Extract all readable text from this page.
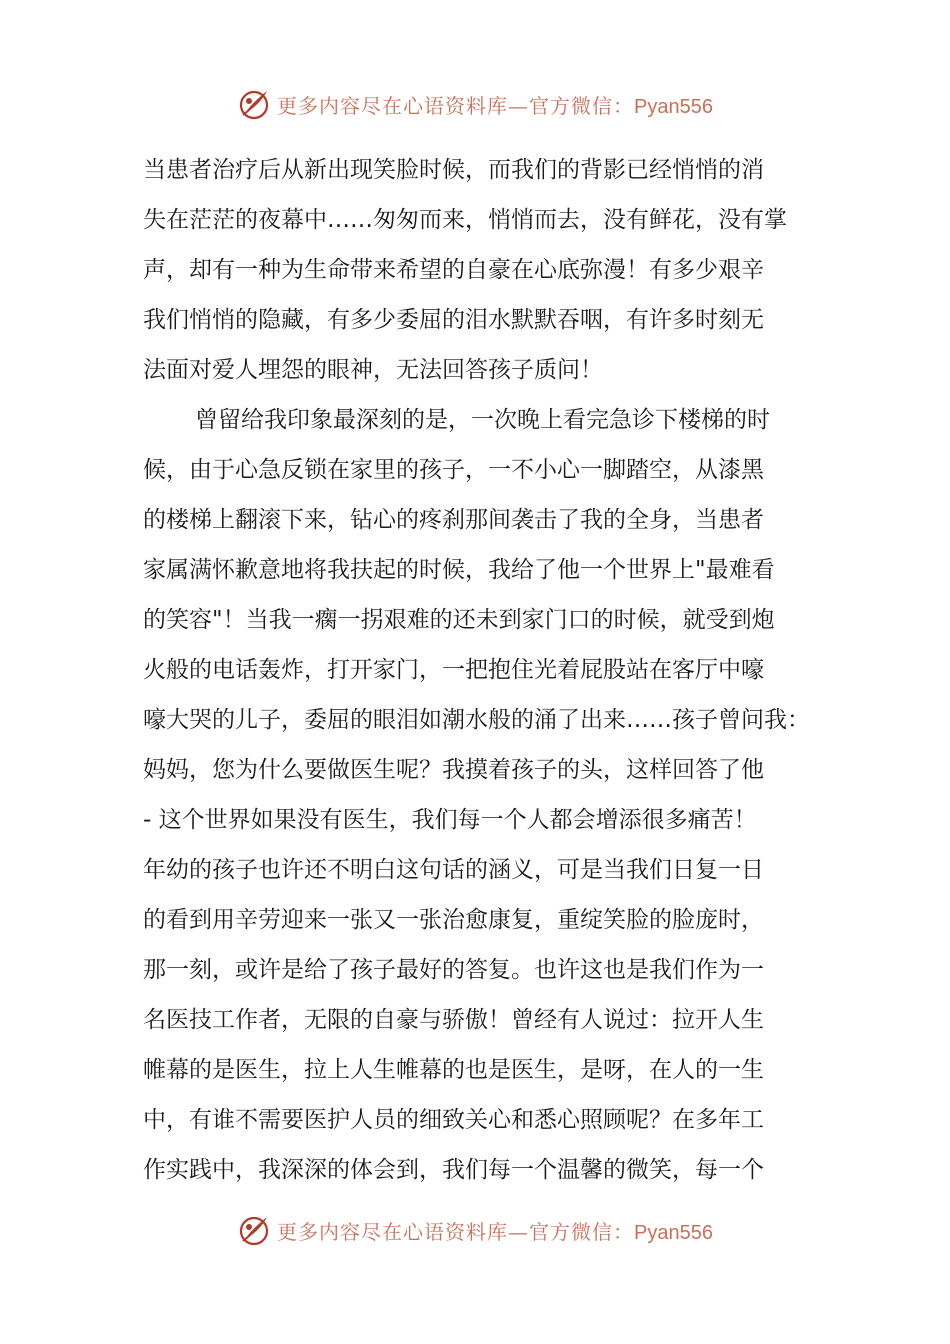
更多内容尽在心语资料库—官方微信：Pyan556
当患者治疗后从新出现笑脸时候，而我们的背影已经悄悄的消
失在茫茫的夜幕中……匆匆而来，悄悄而去，没有鲜花，没有掌
声，却有一种为生命带来希望的自豪在心底弥漫！有多少艰辛
我们悄悄的隐藏，有多少委屈的泪水默默吞咽，有许多时刻无
法面对爱人埋怨的眼神，无法回答孩子质问！
曾留给我印象最深刻的是，一次晚上看完急诊下楼梯的时
候，由于心急反锁在家里的孩子，一不小心一脚踏空，从漆黑
的楼梯上翻滚下来，钻心的疼刹那间袭击了我的全身，当患者
家属满怀歉意地将我扶起的时候，我给了他一个世界上"最难看
的笑容"！当我一瘸一拐艰难的还未到家门口的时候，就受到炮
火般的电话轰炸，打开家门，一把抱住光着屁股站在客厅中嚎
嚎大哭的儿子，委屈的眼泪如潮水般的涌了出来……孩子曾问我：
妈妈，您为什么要做医生呢？我摸着孩子的头，这样回答了他
- 这个世界如果没有医生，我们每一个人都会增添很多痛苦！
年幼的孩子也许还不明白这句话的涵义，可是当我们日复一日
的看到用辛劳迎来一张又一张治愈康复，重绽笑脸的脸庞时，
那一刻，或许是给了孩子最好的答复。也许这也是我们作为一
名医技工作者，无限的自豪与骄傲！曾经有人说过：拉开人生
帷幕的是医生，拉上人生帷幕的也是医生，是呀，在人的一生
中，有谁不需要医护人员的细致关心和悉心照顾呢？在多年工
作实践中，我深深的体会到，我们每一个温馨的微笑，每一个
更多内容尽在心语资料库—官方微信：Pyan556
